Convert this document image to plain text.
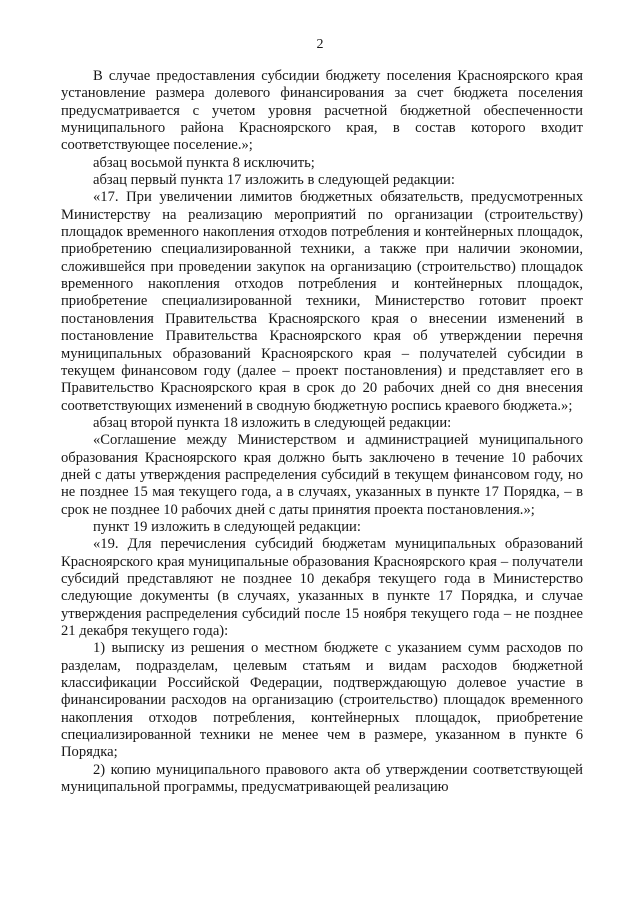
2

В случае предоставления субсидии бюджету поселения Красноярского края установление размера долевого финансирования за счет бюджета поселения предусматривается с учетом уровня расчетной бюджетной обеспеченности муниципального района Красноярского края, в состав которого входит соответствующее поселение.»;

абзац восьмой пункта 8 исключить;

абзац первый пункта 17 изложить в следующей редакции:

«17. При увеличении лимитов бюджетных обязательств, предусмотренных Министерству на реализацию мероприятий по организации (строительству) площадок временного накопления отходов потребления и контейнерных площадок, приобретению специализированной техники, а также при наличии экономии, сложившейся при проведении закупок на организацию (строительство) площадок временного накопления отходов потребления и контейнерных площадок, приобретение специализированной техники, Министерство готовит проект постановления Правительства Красноярского края о внесении изменений в постановление Правительства Красноярского края об утверждении перечня муниципальных образований Красноярского края – получателей субсидии в текущем финансовом году (далее – проект постановления) и представляет его в Правительство Красноярского края в срок до 20 рабочих дней со дня внесения соответствующих изменений в сводную бюджетную роспись краевого бюджета.»;

абзац второй пункта 18 изложить в следующей редакции:

«Соглашение между Министерством и администрацией муниципального образования Красноярского края должно быть заключено в течение 10 рабочих дней с даты утверждения распределения субсидий в текущем финансовом году, но не позднее 15 мая текущего года, а в случаях, указанных в пункте 17 Порядка, – в срок не позднее 10 рабочих дней с даты принятия проекта постановления.»;

пункт 19 изложить в следующей редакции:

«19. Для перечисления субсидий бюджетам муниципальных образований Красноярского края муниципальные образования Красноярского края – получатели субсидий представляют не позднее 10 декабря текущего года в Министерство следующие документы (в случаях, указанных в пункте 17 Порядка, и случае утверждения распределения субсидий после 15 ноября текущего года – не позднее 21 декабря текущего года):

1) выписку из решения о местном бюджете с указанием сумм расходов по разделам, подразделам, целевым статьям и видам расходов бюджетной классификации Российской Федерации, подтверждающую долевое участие в финансировании расходов на организацию (строительство) площадок временного накопления отходов потребления, контейнерных площадок, приобретение специализированной техники не менее чем в размере, указанном в пункте 6 Порядка;

2) копию муниципального правового акта об утверждении соответствующей муниципальной программы, предусматривающей реализацию
